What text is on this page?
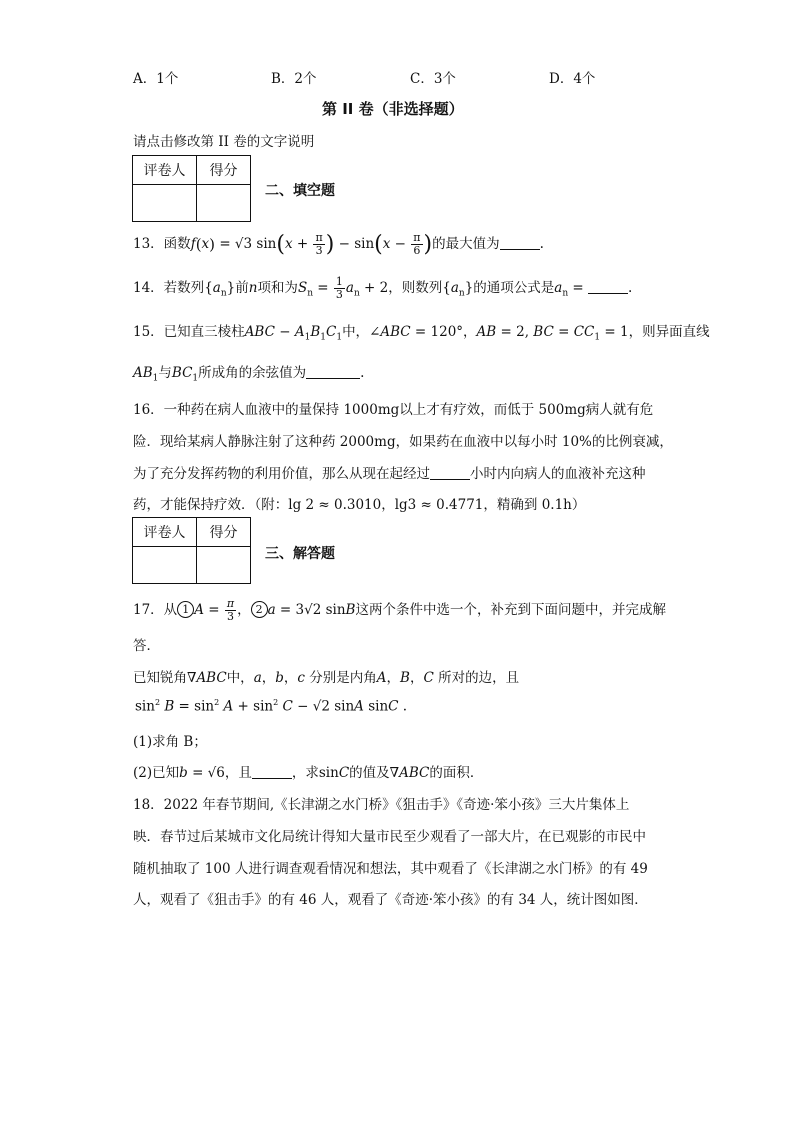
A．1个	B．2个	C．3个	D．4个
第 II 卷（非选择题）
请点击修改第 II 卷的文字说明
评卷人	得分

二、填空题
13．函数f(x) = √3 $\sin(x + \frac{\pi}{3}$ ) − $\sin(x - \frac{\pi}{6}$ )的最大值为	.
14．若数列$\{a_n\}$前n项和为$S_n = \frac{1}{3} a_n + 2$，则数列$\{a_n\}$的通项公式是$a_n$ =	.
15．已知直三棱柱ABC − $A_1B_1C_1$中，∠ABC = 120°，AB = 2, BC = $CC_1 = 1$，则异面直线
$AB_1$与$BC_1$所成角的余弦值为	.
16．一种药在病人血液中的量保持 1000mg以上才有疗效，而低于 500mg病人就有危
险．现给某病人静脉注射了这种药 2000mg，如果药在血液中以每小时 10%的比例衰减，
为了充分发挥药物的利用价值，那么从现在起经过	小时内向病人的血液补充这种
药，才能保持疗效．（附：lg 2 ≈ 0.3010，lg3 ≈ 0.4771，精确到 0.1h）
评卷人	得分

三、解答题
17．从 1 $A = \frac{\pi}{3}$ ， 2 a = 3√2 sinB这两个条件中选一个，补充到下面问题中，并完成解
答．
已知锐角∇ABC中，a，b，c 分别是内角A，B，C 所对的边，且
$\sin^2 B = \sin^2 A + \sin^2 C - √2$ sinA sinC .
(1)求角 B；
(2)已知b = √6，且	，求sinC的值及∇ABC的面积．
18．2022 年春节期间,《长津湖之水门桥》《狙击手》《奇迹·笨小孩》三大片集体上
映．春节过后某城市文化局统计得知大量市民至少观看了一部大片，在已观影的市民中
随机抽取了 100 人进行调查观看情况和想法，其中观看了《长津湖之水门桥》的有 49
人，观看了《狙击手》的有 46 人，观看了《奇迹·笨小孩》的有 34 人，统计图如图．
